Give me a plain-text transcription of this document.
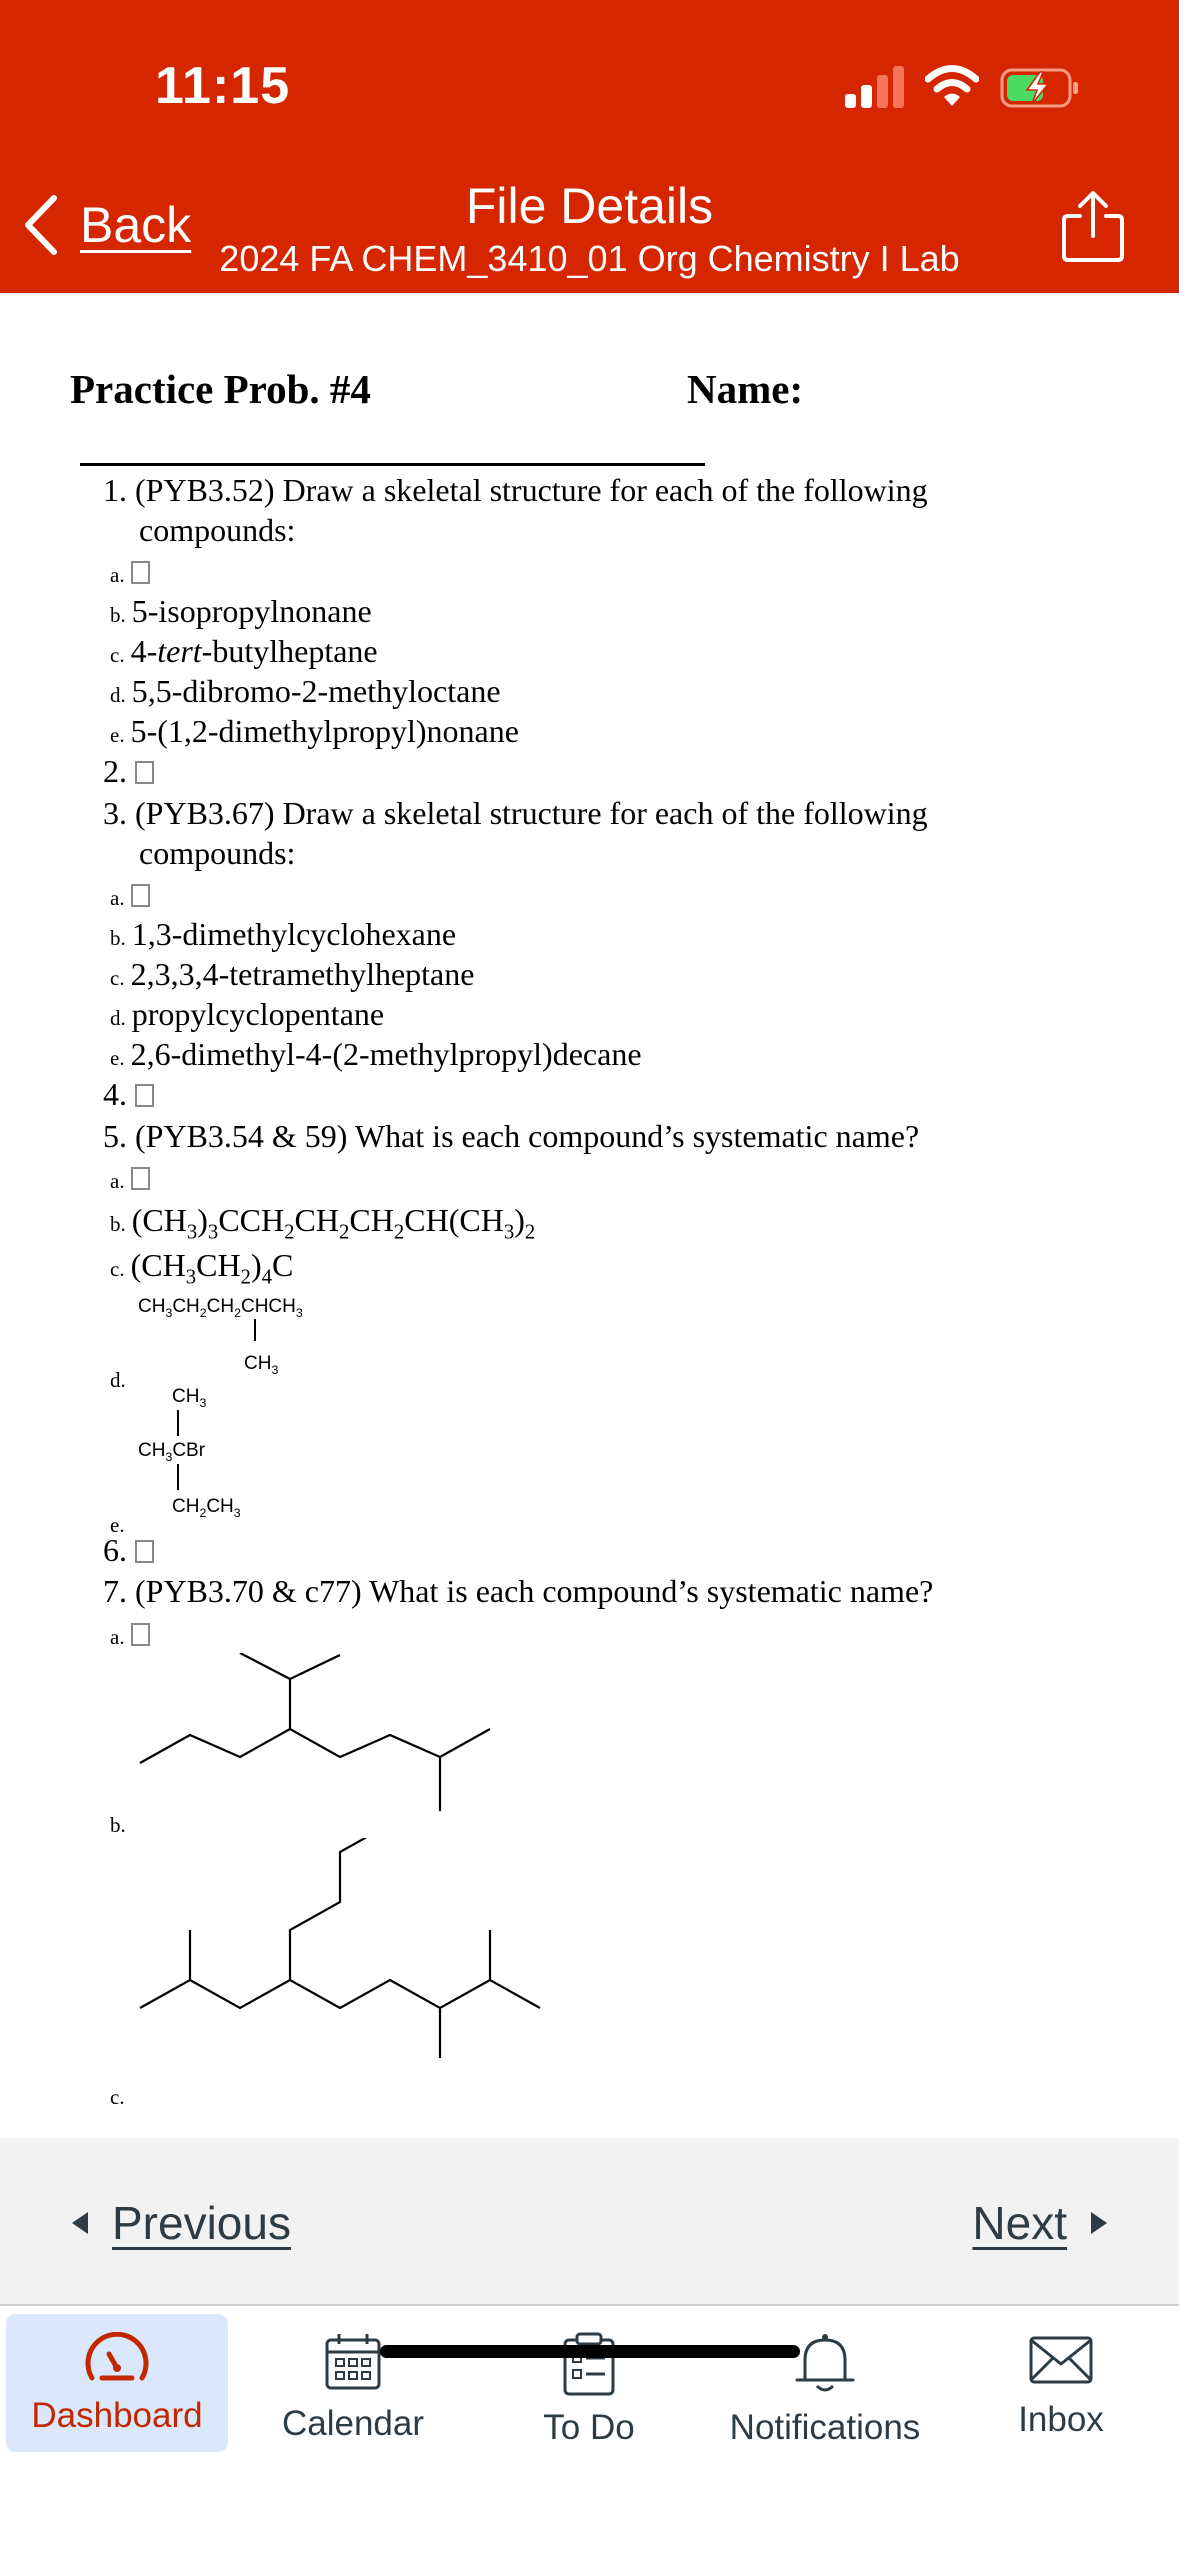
11:15
Back	File Details
2024 FA CHEM_3410_01 Org Chemistry I Lab
Practice Prob. #4	Name:
1. (PYB3.52) Draw a skeletal structure for each of the following
compounds:
a.
b. 5-isopropylnonane
c. 4-tert-butylheptane
d. 5,5-dibromo-2-methyloctane
e. 5-(1,2-dimethylpropyl)nonane
2.
3. (PYB3.67) Draw a skeletal structure for each of the following
compounds:
a.
b. 1,3-dimethylcyclohexane
c. 2,3,3,4-tetramethylheptane
d. propylcyclopentane
e. 2,6-dimethyl-4-(2-methylpropyl)decane
4.
5. (PYB3.54 & 59) What is each compound’s systematic name?
a.
b. $(CH_3)_3CCH_2CH_2CH_2CH(CH_3)_2$
c. $(CH_3CH_2)_4C$
$CH_3CH_2CH_2CHCH_3$
$CH_3$
d.
$CH_3$
$CH_3CBr$
$CH_2CH_3$
e.
6.
7. (PYB3.70 & c77) What is each compound’s systematic name?
a.
b.
c.
Previous	Next
Dashboard Calendar	To Do	Notifications	Inbox
